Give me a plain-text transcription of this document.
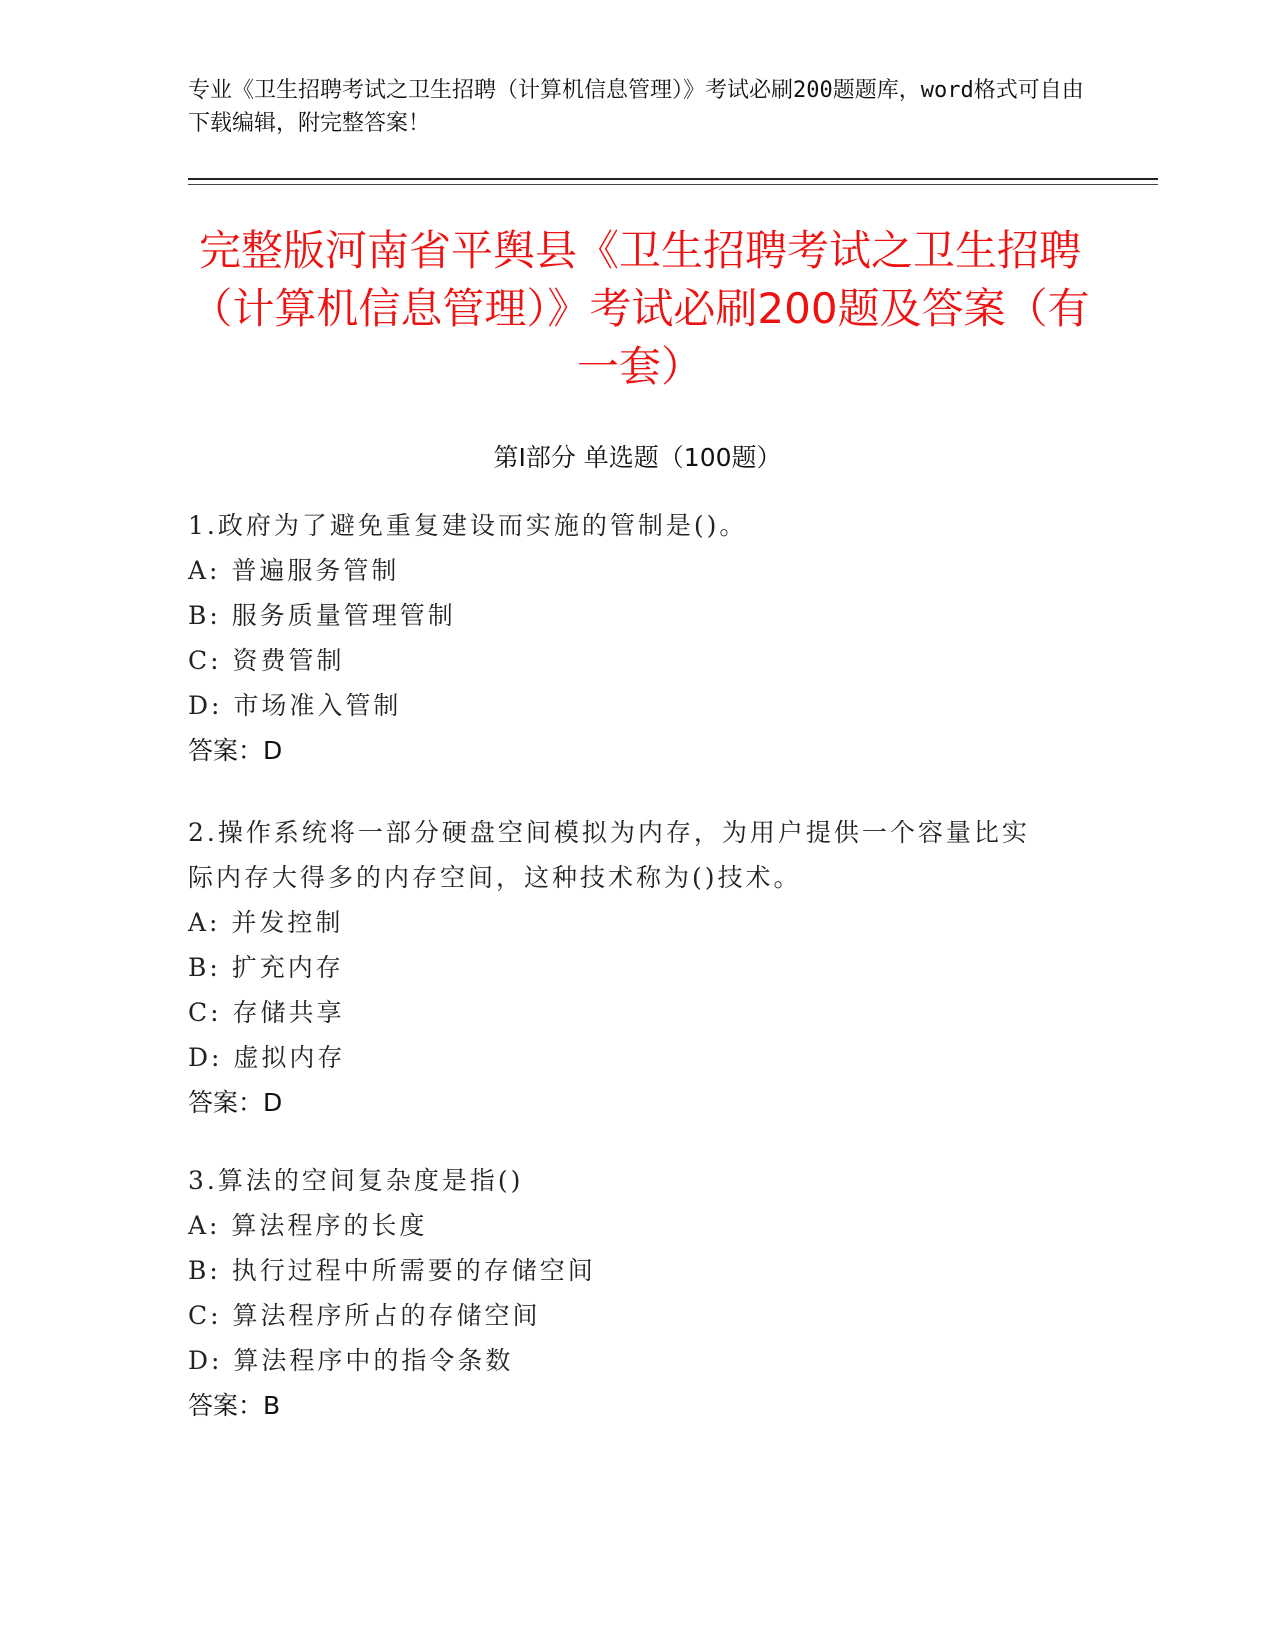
专业《卫生招聘考试之卫生招聘（计算机信息管理）》考试必刷200题题库，word格式可自由下载编辑，附完整答案！
完整版河南省平舆县《卫生招聘考试之卫生招聘（计算机信息管理）》考试必刷200题及答案（有一套）
第Ⅰ部分 单选题（100题）

1.政府为了避免重复建设而实施的管制是()。

A: 普遍服务管制

B: 服务质量管理管制

C: 资费管制

D: 市场准入管制

答案：D

2.操作系统将一部分硬盘空间模拟为内存，为用户提供一个容量比实际内存大得多的内存空间，这种技术称为()技术。

A: 并发控制

B: 扩充内存

C: 存储共享

D: 虚拟内存

答案：D

3.算法的空间复杂度是指()

A: 算法程序的长度

B: 执行过程中所需要的存储空间

C: 算法程序所占的存储空间

D: 算法程序中的指令条数

答案：B
